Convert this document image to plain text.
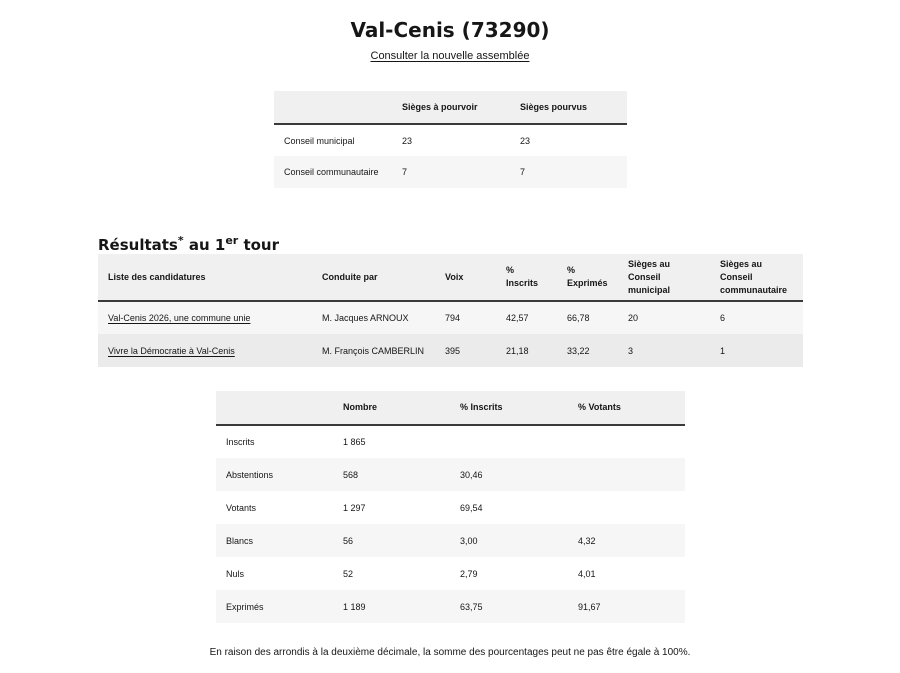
Val-Cenis (73290)
Consulter la nouvelle assemblée
	Sièges à pourvoir	Sièges pourvus
Conseil municipal	23	23
Conseil communautaire	7	7
Résultats* au 1er tour
Liste des candidatures	Conduite par	Voix	% Inscrits	% Exprimés	Sièges au Conseil municipal	Sièges au Conseil communautaire
Val-Cenis 2026, une commune unie	M. Jacques ARNOUX	794	42,57	66,78	20	6
Vivre la Démocratie à Val-Cenis	M. François CAMBERLIN	395	21,18	33,22	3	1
	Nombre	% Inscrits	% Votants
Inscrits	1 865		
Abstentions	568	30,46	
Votants	1 297	69,54	
Blancs	56	3,00	4,32
Nuls	52	2,79	4,01
Exprimés	1 189	63,75	91,67

En raison des arrondis à la deuxième décimale, la somme des pourcentages peut ne pas être égale à 100%.
